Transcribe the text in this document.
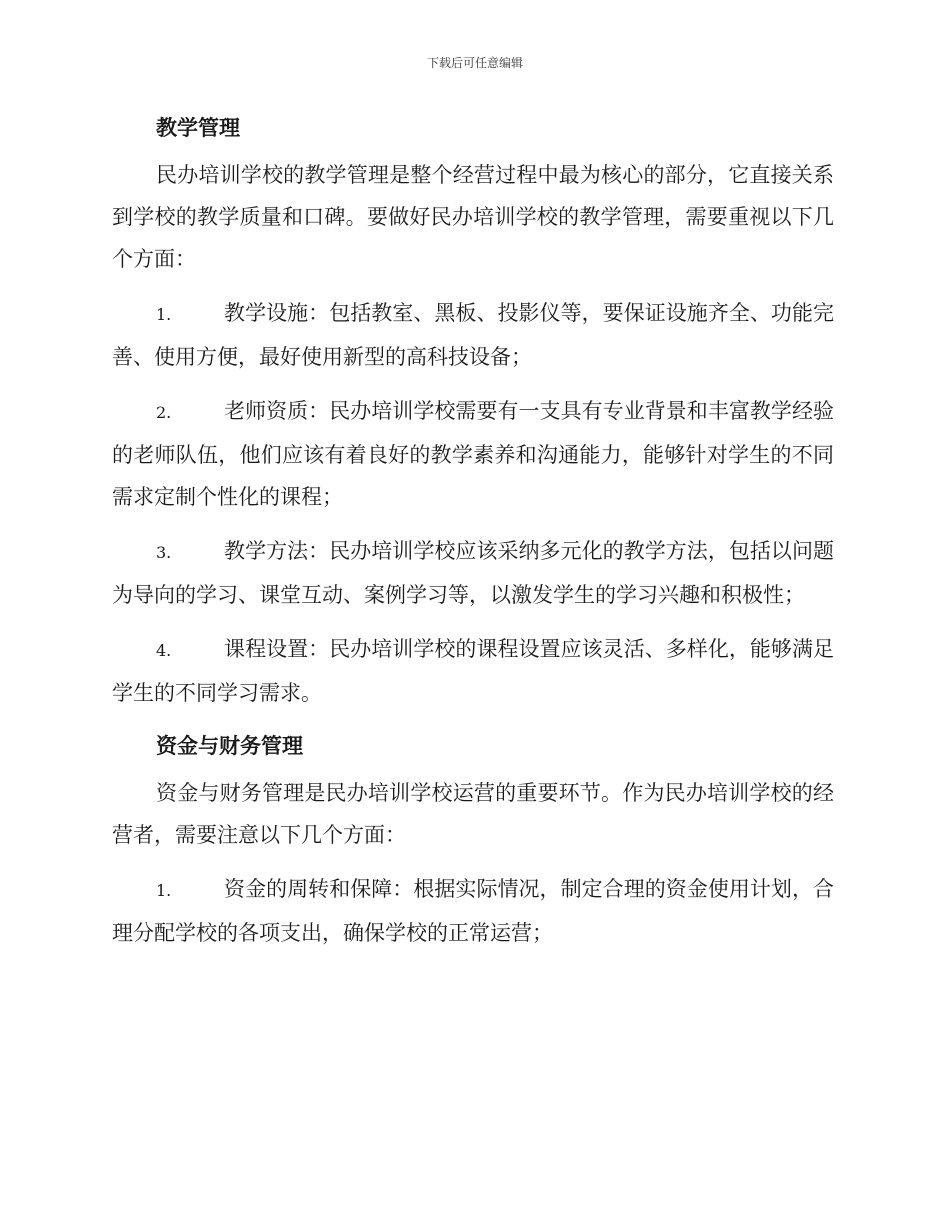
下载后可任意编辑
教学管理

民办培训学校的教学管理是整个经营过程中最为核心的部分，它直接关系到学校的教学质量和口碑。要做好民办培训学校的教学管理，需要重视以下几个方面：

1.	教学设施：包括教室、黑板、投影仪等，要保证设施齐全、功能完善、使用方便，最好使用新型的高科技设备；

2.	老师资质：民办培训学校需要有一支具有专业背景和丰富教学经验的老师队伍，他们应该有着良好的教学素养和沟通能力，能够针对学生的不同需求定制个性化的课程；

3.	教学方法：民办培训学校应该采纳多元化的教学方法，包括以问题为导向的学习、课堂互动、案例学习等，以激发学生的学习兴趣和积极性；

4.	课程设置：民办培训学校的课程设置应该灵活、多样化，能够满足学生的不同学习需求。

资金与财务管理

资金与财务管理是民办培训学校运营的重要环节。作为民办培训学校的经营者，需要注意以下几个方面：

1.	资金的周转和保障：根据实际情况，制定合理的资金使用计划，合理分配学校的各项支出，确保学校的正常运营；
